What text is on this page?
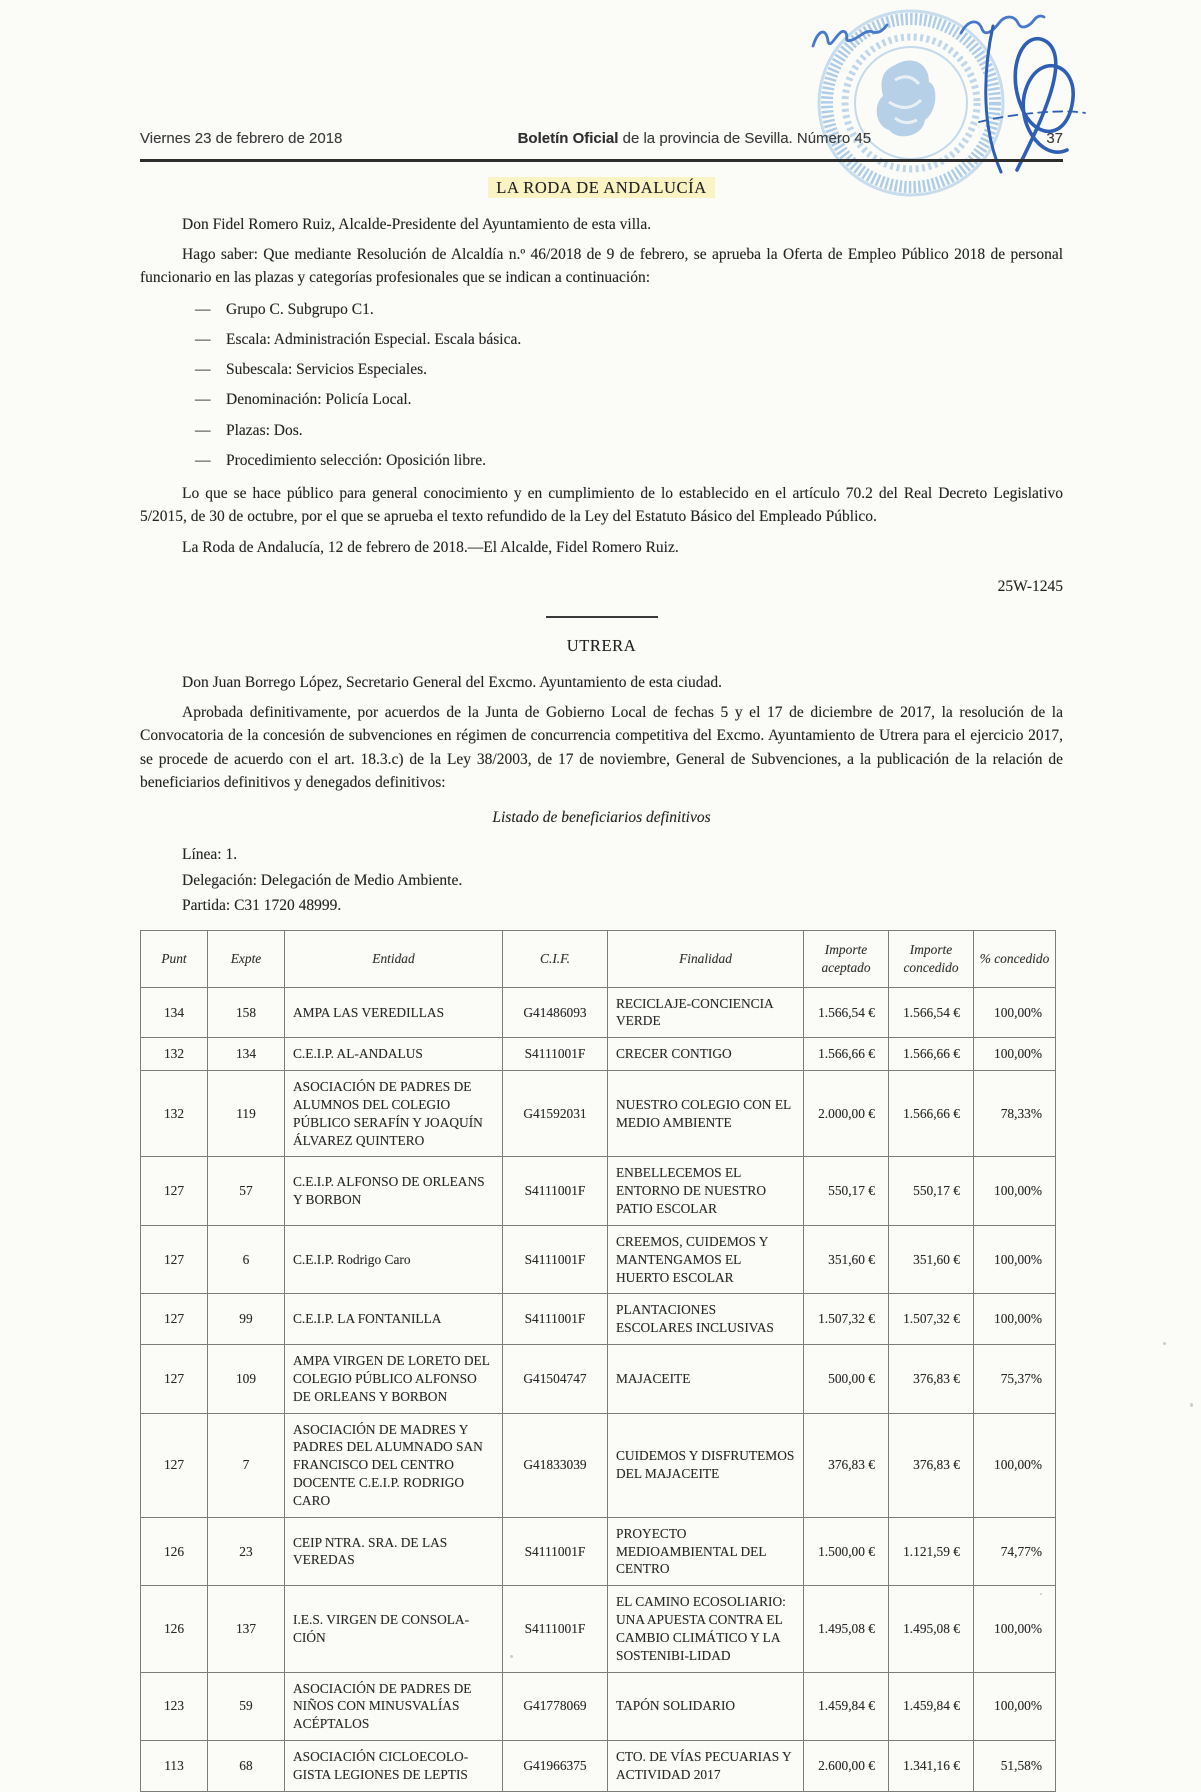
Viernes 23 de febrero de 2018	Boletín Oficial de la provincia de Sevilla. Número 45	37
LA RODA DE ANDALUCÍA

Don Fidel Romero Ruiz, Alcalde-Presidente del Ayuntamiento de esta villa.

Hago saber: Que mediante Resolución de Alcaldía n.º 46/2018 de 9 de febrero, se aprueba la Oferta de Empleo Público 2018 de personal funcionario en las plazas y categorías profesionales que se indican a continuación:

— Grupo C. Subgrupo C1.
— Escala: Administración Especial. Escala básica.
— Subescala: Servicios Especiales.
— Denominación: Policía Local.
— Plazas: Dos.
— Procedimiento selección: Oposición libre.

Lo que se hace público para general conocimiento y en cumplimiento de lo establecido en el artículo 70.2 del Real Decreto Legislativo 5/2015, de 30 de octubre, por el que se aprueba el texto refundido de la Ley del Estatuto Básico del Empleado Público.

La Roda de Andalucía, 12 de febrero de 2018.—El Alcalde, Fidel Romero Ruiz.

25W-1245
UTRERA

Don Juan Borrego López, Secretario General del Excmo. Ayuntamiento de esta ciudad.

Aprobada definitivamente, por acuerdos de la Junta de Gobierno Local de fechas 5 y el 17 de diciembre de 2017, la resolución de la Convocatoria de la concesión de subvenciones en régimen de concurrencia competitiva del Excmo. Ayuntamiento de Utrera para el ejercicio 2017, se procede de acuerdo con el art. 18.3.c) de la Ley 38/2003, de 17 de noviembre, General de Subvenciones, a la publicación de la relación de beneficiarios definitivos y denegados definitivos:

Listado de beneficiarios definitivos

Línea: 1.
Delegación: Delegación de Medio Ambiente.
Partida: C31 1720 48999.
Punt	Expte	Entidad	C.I.F.	Finalidad	Importe aceptado	Importe concedido	% concedido
134	158	AMPA LAS VEREDILLAS	G41486093	RECICLAJE-CONCIENCIA VERDE	1.566,54 €	1.566,54 €	100,00%
132	134	C.E.I.P. AL-ANDALUS	S4111001F	CRECER CONTIGO	1.566,66 €	1.566,66 €	100,00%
132	119	ASOCIACIÓN DE PADRES DE ALUMNOS DEL COLEGIO PÚBLICO SERAFÍN Y JOAQUÍN ÁLVAREZ QUINTERO	G41592031	NUESTRO COLEGIO CON EL MEDIO AMBIENTE	2.000,00 €	1.566,66 €	78,33%
127	57	C.E.I.P. ALFONSO DE ORLEANS Y BORBON	S4111001F	ENBELLECEMOS EL ENTORNO DE NUESTRO PATIO ESCOLAR	550,17 €	550,17 €	100,00%
127	6	C.E.I.P. Rodrigo Caro	S4111001F	CREEMOS, CUIDEMOS Y MANTENGAMOS EL HUERTO ESCOLAR	351,60 €	351,60 €	100,00%
127	99	C.E.I.P. LA FONTANILLA	S4111001F	PLANTACIONES ESCOLARES INCLUSIVAS	1.507,32 €	1.507,32 €	100,00%
127	109	AMPA VIRGEN DE LORETO DEL COLEGIO PÚBLICO ALFONSO DE ORLEANS Y BORBON	G41504747	MAJACEITE	500,00 €	376,83 €	75,37%
127	7	ASOCIACIÓN DE MADRES Y PADRES DEL ALUMNADO SAN FRANCISCO DEL CENTRO DOCENTE C.E.I.P. RODRIGO CARO	G41833039	CUIDEMOS Y DISFRUTEMOS DEL MAJACEITE	376,83 €	376,83 €	100,00%
126	23	CEIP NTRA. SRA. DE LAS VEREDAS	S4111001F	PROYECTO MEDIOAMBIENTAL DEL CENTRO	1.500,00 €	1.121,59 €	74,77%
126	137	I.E.S. VIRGEN DE CONSOLA-CIÓN	S4111001F	EL CAMINO ECOSOLIARIO: UNA APUESTA CONTRA EL CAMBIO CLIMÁTICO Y LA SOSTENIBI-LIDAD	1.495,08 €	1.495,08 €	100,00%
123	59	ASOCIACIÓN DE PADRES DE NIÑOS CON MINUSVALÍAS ACÉPTALOS	G41778069	TAPÓN SOLIDARIO	1.459,84 €	1.459,84 €	100,00%
113	68	ASOCIACIÓN CICLOECOLO-GISTA LEGIONES DE LEPTIS	G41966375	CTO. DE VÍAS PECUARIAS Y ACTIVIDAD 2017	2.600,00 €	1.341,16 €	51,58%
